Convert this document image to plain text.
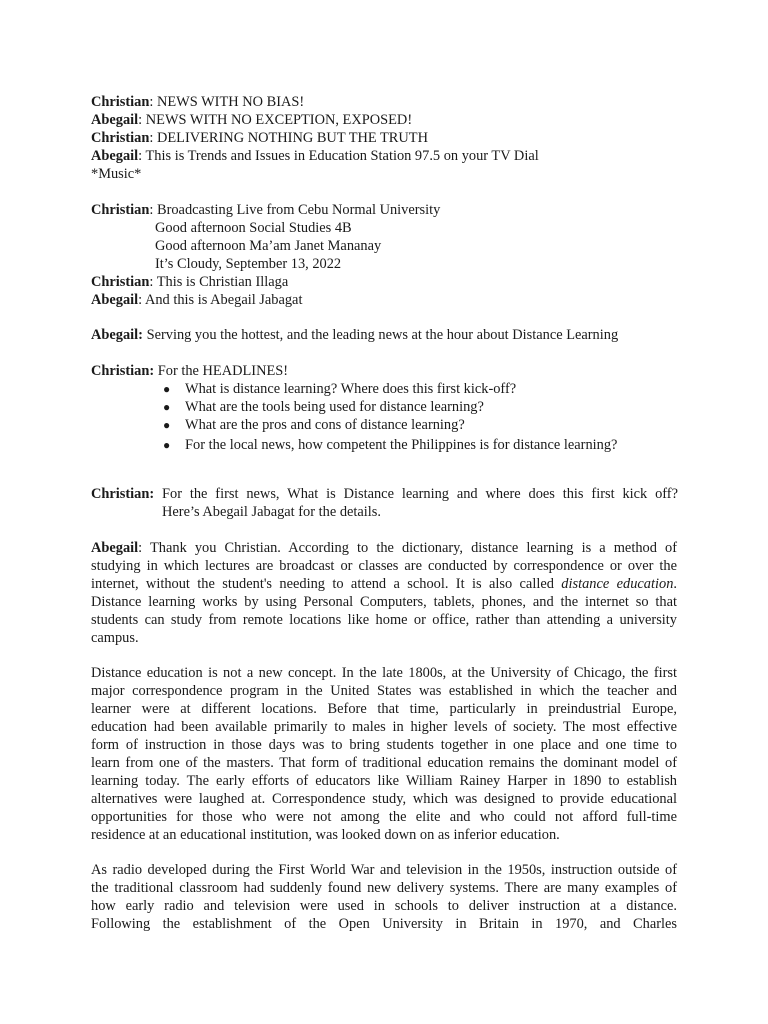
Christian: NEWS WITH NO BIAS!
Abegail: NEWS WITH NO EXCEPTION, EXPOSED!
Christian: DELIVERING NOTHING BUT THE TRUTH
Abegail: This is Trends and Issues in Education Station 97.5 on your TV Dial
*Music*
Christian: Broadcasting Live from Cebu Normal University
Good afternoon Social Studies 4B
Good afternoon Ma’am Janet Mananay
It’s Cloudy, September 13, 2022
Christian: This is Christian Illaga
Abegail: And this is Abegail Jabagat
Abegail: Serving you the hottest, and the leading news at the hour about Distance Learning
Christian: For the HEADLINES!
● What is distance learning? Where does this first kick-off?
● What are the tools being used for distance learning?
● What are the pros and cons of distance learning?
● For the local news, how competent the Philippines is for distance learning?
Christian: For the first news, What is Distance learning and where does this first kick off?
Here’s Abegail Jabagat for the details.
Abegail: Thank you Christian. According to the dictionary, distance learning is a method of
studying in which lectures are broadcast or classes are conducted by correspondence or over the
internet, without the student's needing to attend a school. It is also called distance education.
Distance learning works by using Personal Computers, tablets, phones, and the internet so that
students can study from remote locations like home or office, rather than attending a university
campus.
Distance education is not a new concept. In the late 1800s, at the University of Chicago, the first
major correspondence program in the United States was established in which the teacher and
learner were at different locations. Before that time, particularly in preindustrial Europe,
education had been available primarily to males in higher levels of society. The most effective
form of instruction in those days was to bring students together in one place and one time to
learn from one of the masters. That form of traditional education remains the dominant model of
learning today. The early efforts of educators like William Rainey Harper in 1890 to establish
alternatives were laughed at. Correspondence study, which was designed to provide educational
opportunities for those who were not among the elite and who could not afford full-time
residence at an educational institution, was looked down on as inferior education.
As radio developed during the First World War and television in the 1950s, instruction outside of
the traditional classroom had suddenly found new delivery systems. There are many examples of
how early radio and television were used in schools to deliver instruction at a distance.
Following the establishment of the Open University in Britain in 1970, and Charles
